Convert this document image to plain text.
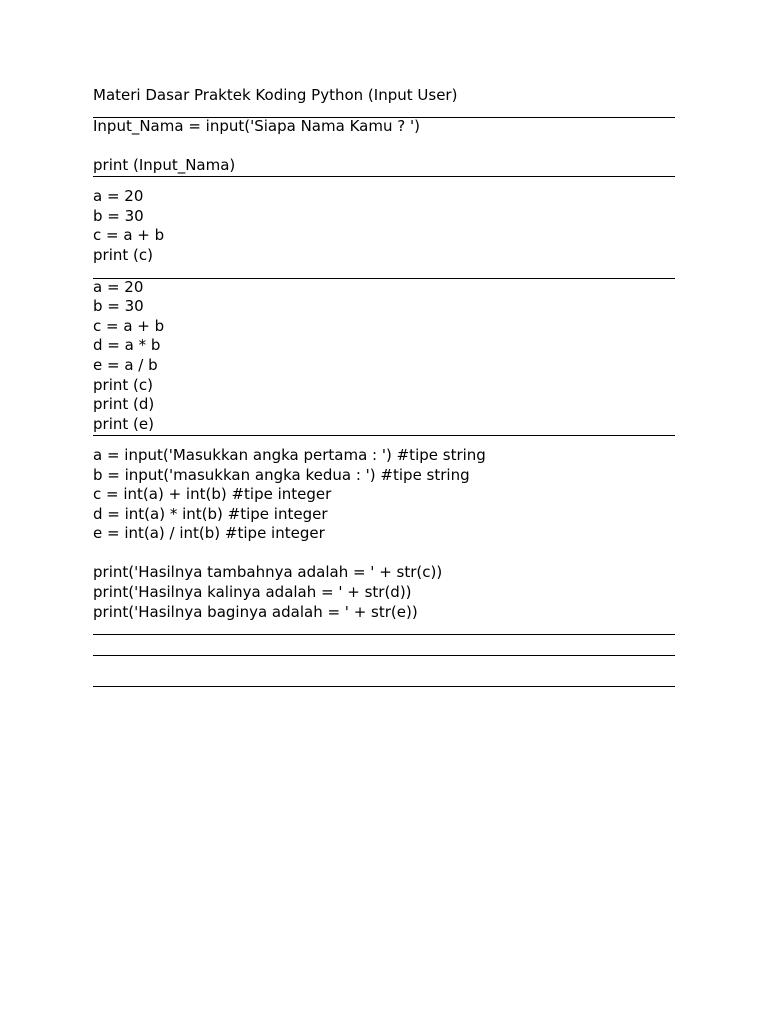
Materi Dasar Praktek Koding Python (Input User)
Input_Nama = input('Siapa Nama Kamu ? ')
print (Input_Nama)
a = 20
b = 30
c = a + b
print (c)
a = 20
b = 30
c = a + b
d = a * b
e = a / b
print (c)
print (d)
print (e)
a = input('Masukkan angka pertama : ') #tipe string
b = input('masukkan angka kedua : ') #tipe string
c = int(a) + int(b) #tipe integer
d = int(a) * int(b) #tipe integer
e = int(a) / int(b) #tipe integer
print('Hasilnya tambahnya adalah = ' + str(c))
print('Hasilnya kalinya adalah = ' + str(d))
print('Hasilnya baginya adalah = ' + str(e))
